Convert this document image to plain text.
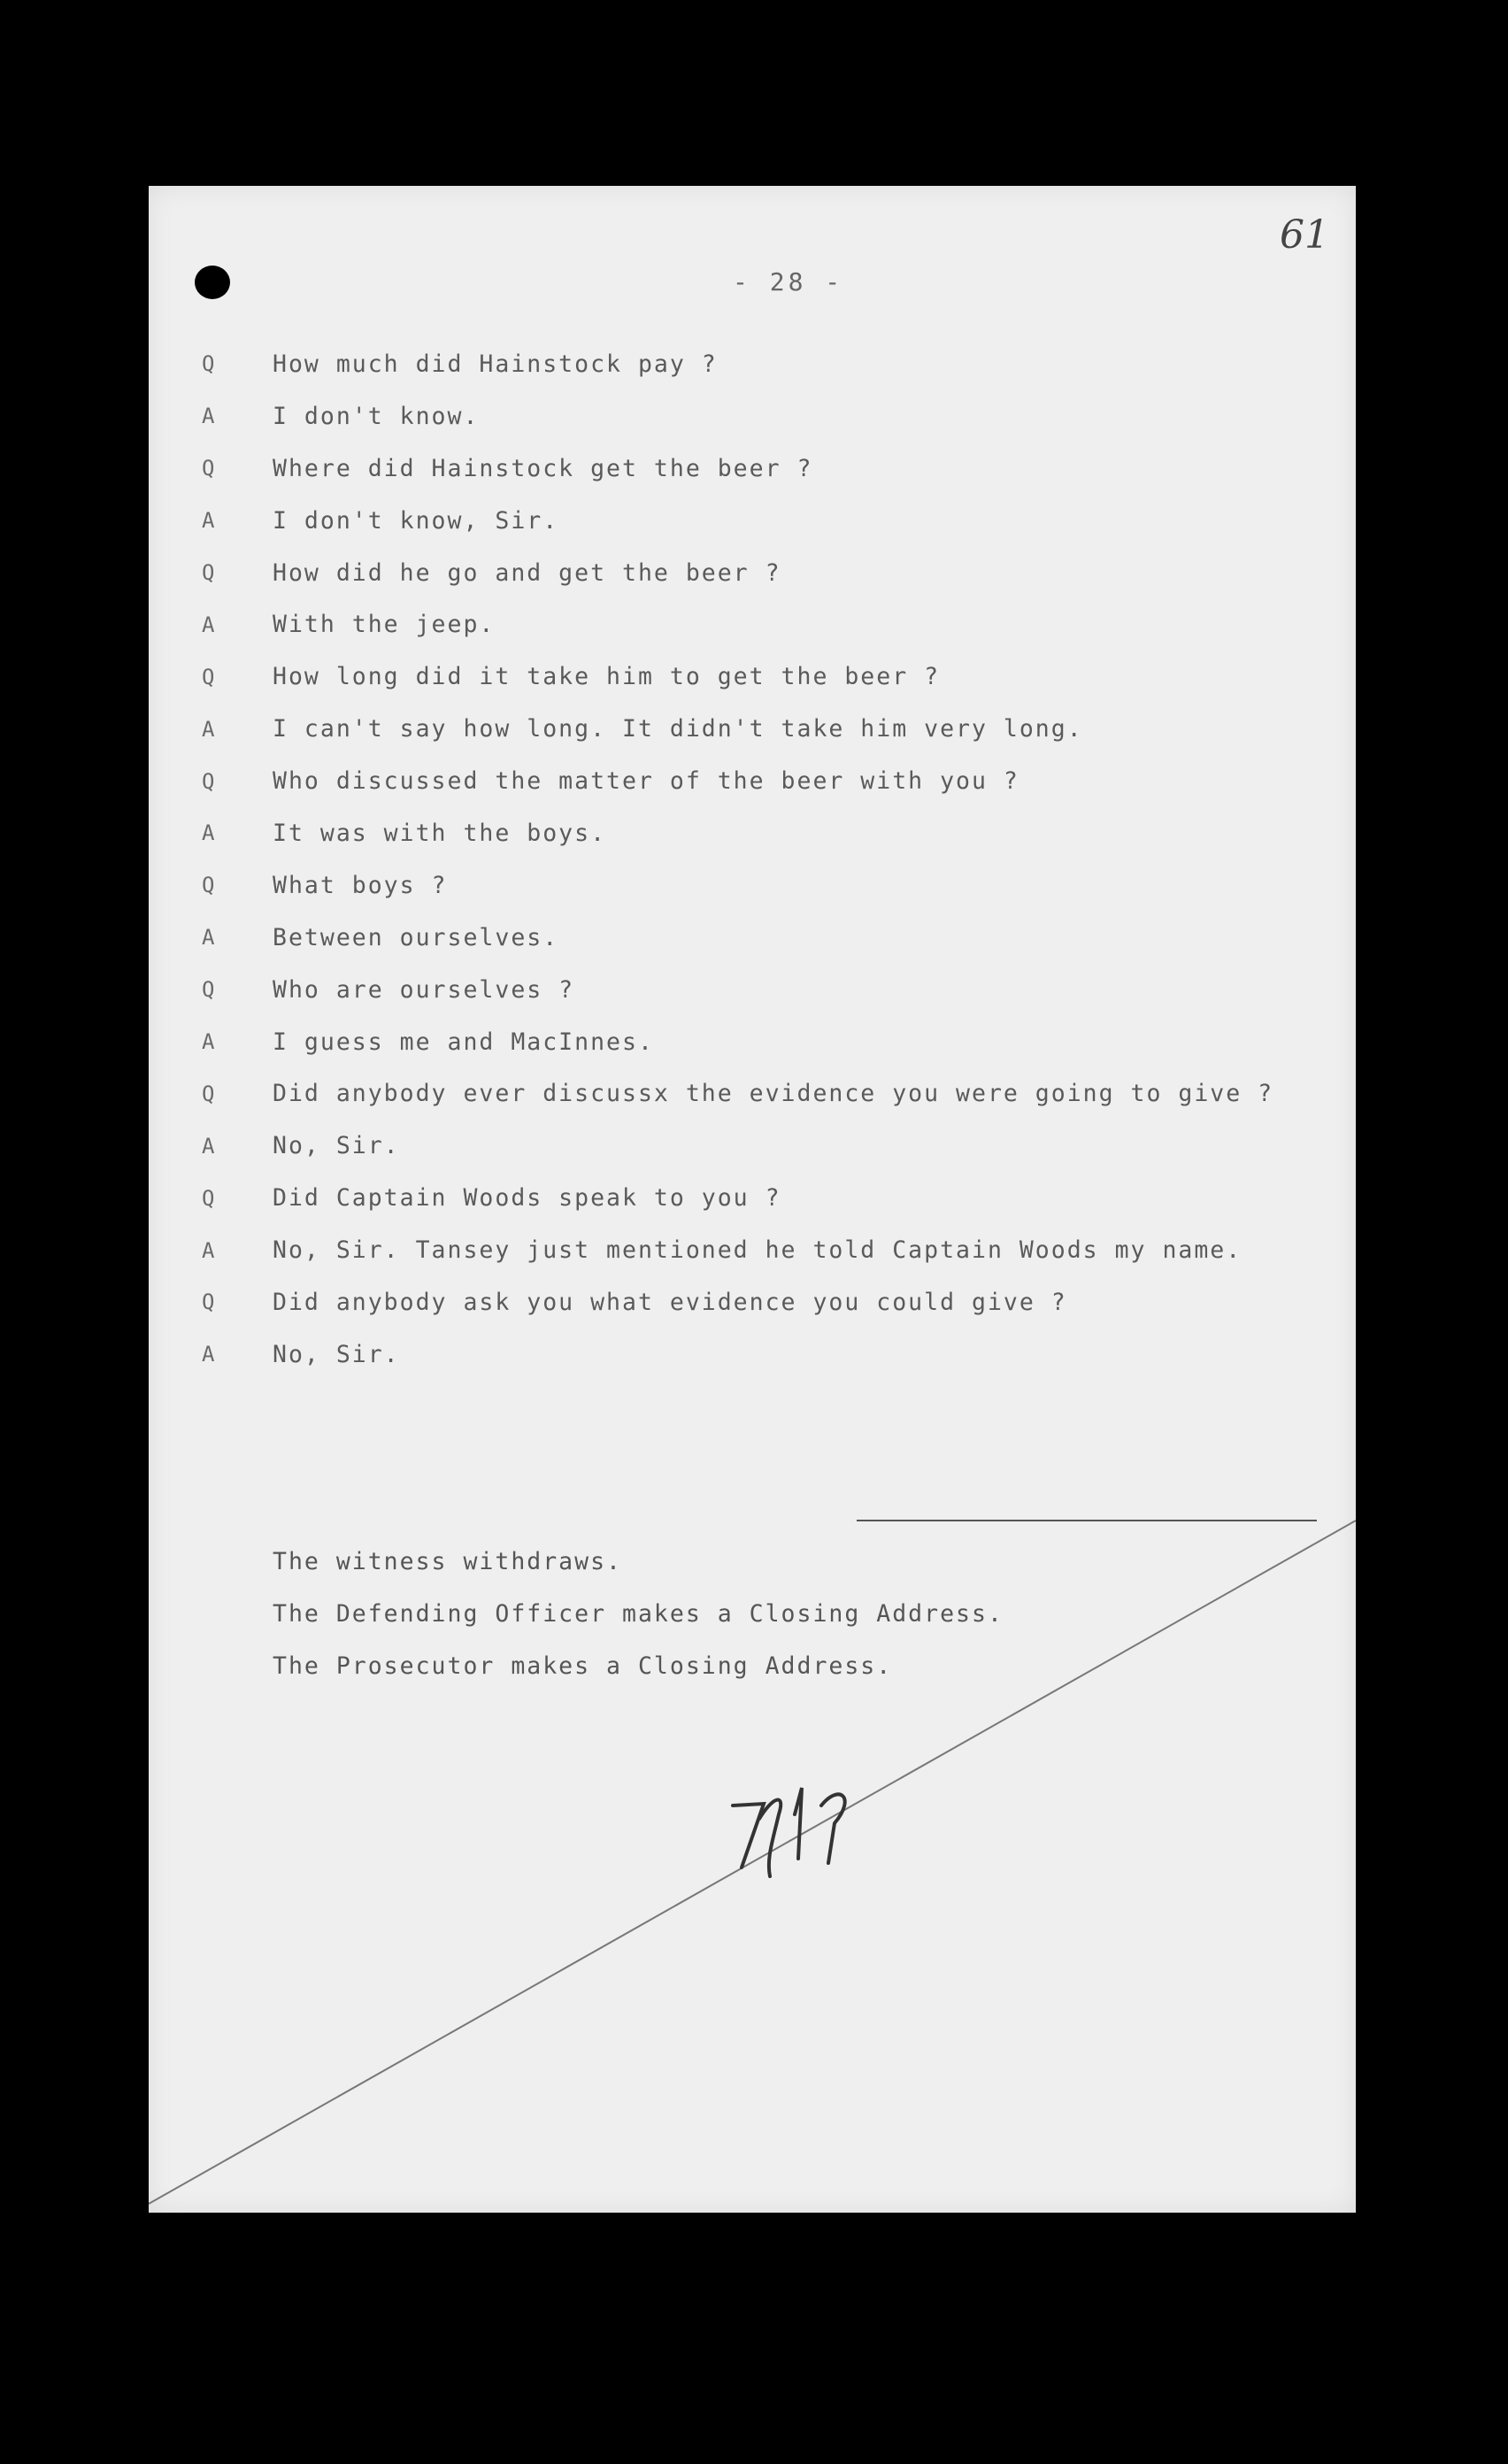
61
- 28 -
Q	How much did Hainstock pay ?
A	I don't know.
Q	Where did Hainstock get the beer ?
A	I don't know, Sir.
Q	How did he go and get the beer ?
A	With the jeep.
Q	How long did it take him to get the beer ?
A	I can't say how long. It didn't take him very long.
Q	Who discussed the matter of the beer with you ?
A	It was with the boys.
Q	What boys ?
A	Between ourselves.
Q	Who are ourselves ?
A	I guess me and MacInnes.
Q	Did anybody ever discussx the evidence you were going to give ?
A	No, Sir.
Q	Did Captain Woods speak to you ?
A	No, Sir. Tansey just mentioned he told Captain Woods my name.
Q	Did anybody ask you what evidence you could give ?
A	No, Sir.
The witness withdraws.
The Defending Officer makes a Closing Address.
The Prosecutor makes a Closing Address.
